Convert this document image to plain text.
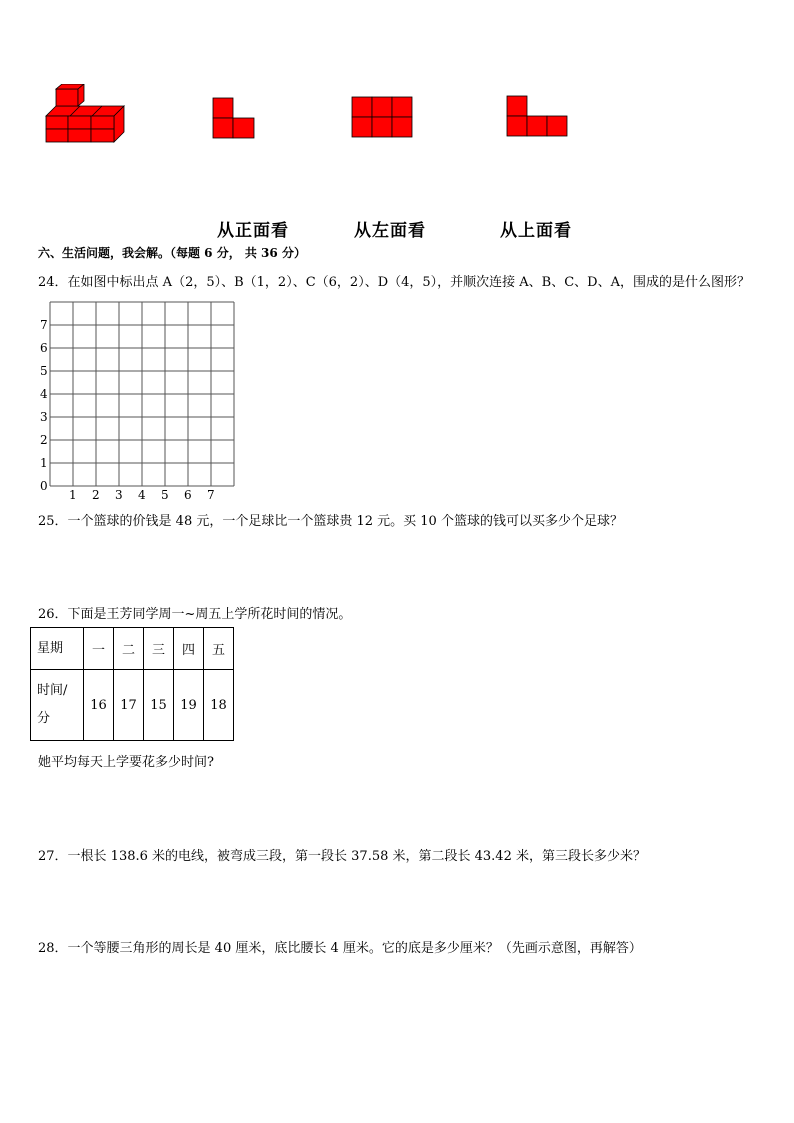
从正面看	从左面看	从上面看
六、生活问题，我会解。（每题 6 分， 共 36 分）
24．在如图中标出点 A（2，5）、B（1，2）、C（6，2）、D（4，5），并顺次连接 A、B、C、D、A，围成的是什么图形？
0
1 2 3 4 5 6 7
1
2
3
4
5
6
7
25．一个篮球的价钱是 48 元，一个足球比一个篮球贵 12 元。买 10 个篮球的钱可以买多少个足球？
26．下面是王芳同学周一~周五上学所花时间的情况。
星期	一	二	三	四	五

时间/
分	16	17	15	19	18
她平均每天上学要花多少时间?
27．一根长 138.6 米的电线，被弯成三段，第一段长 37.58 米，第二段长 43.42 米，第三段长多少米？
28．一个等腰三角形的周长是 40 厘米，底比腰长 4 厘米。它的底是多少厘米？（先画示意图，再解答）
